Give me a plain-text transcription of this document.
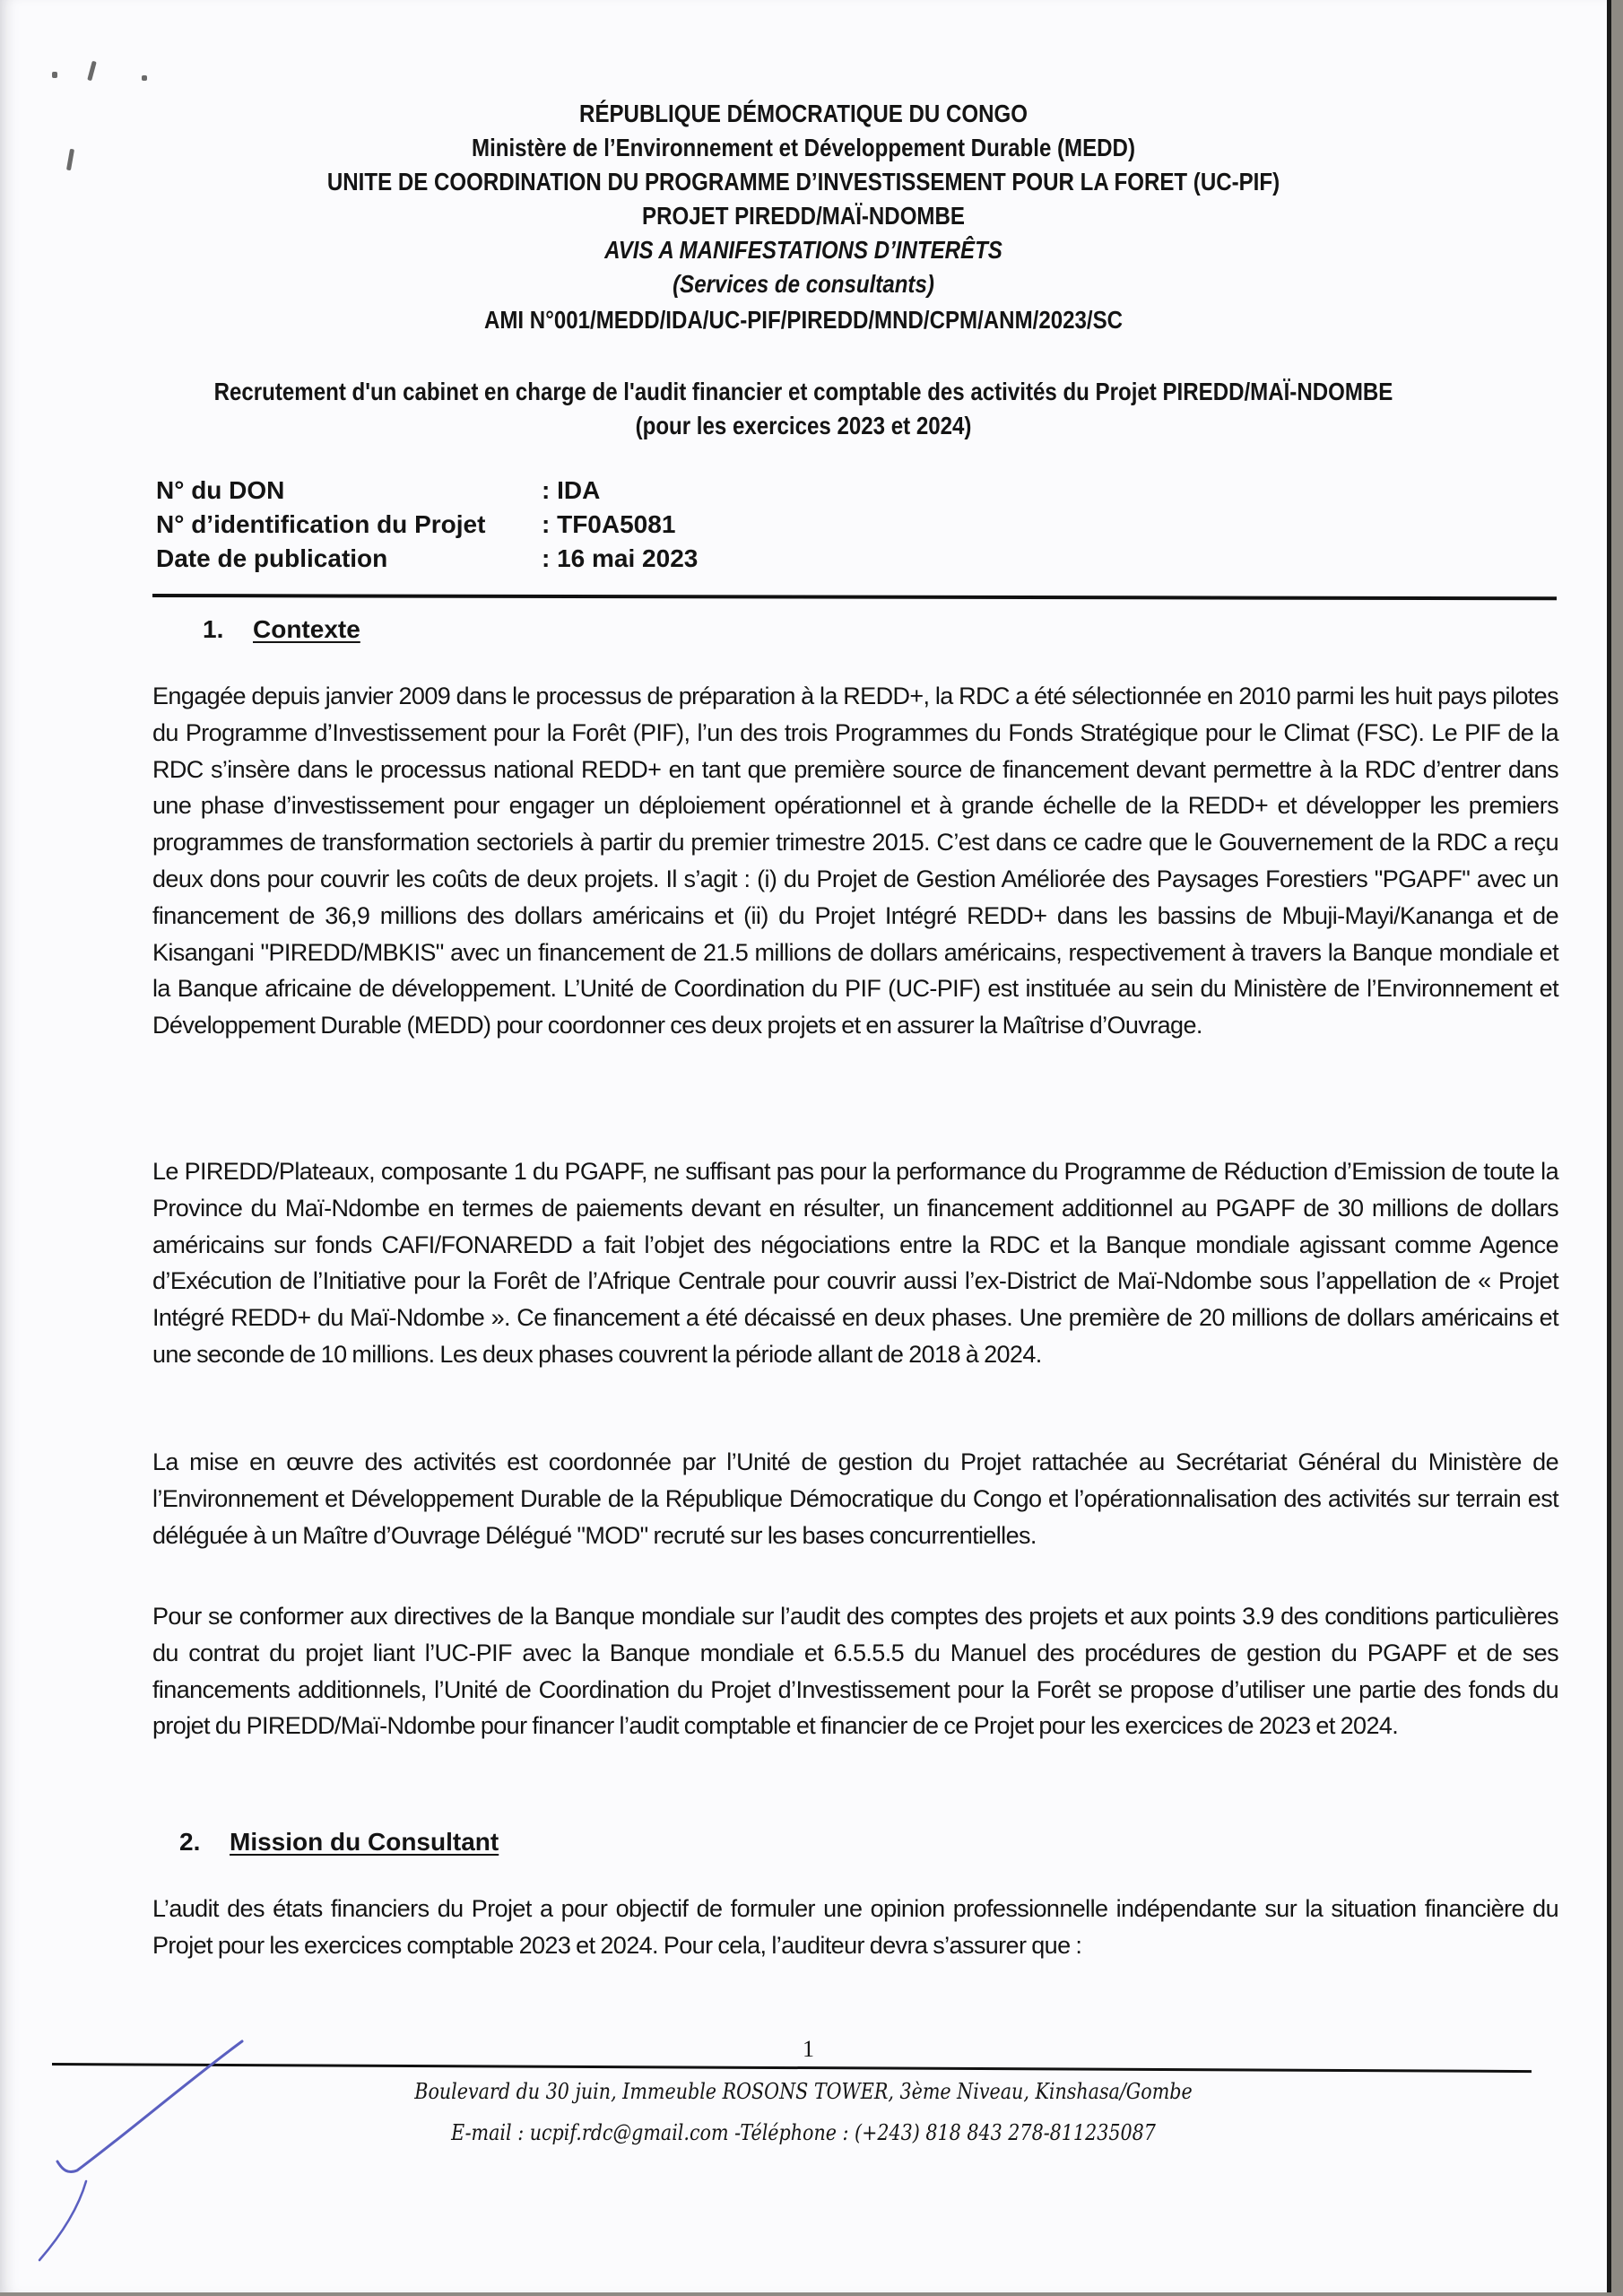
RÉPUBLIQUE DÉMOCRATIQUE DU CONGO
Ministère de l’Environnement et Développement Durable (MEDD)
UNITE DE COORDINATION DU PROGRAMME D’INVESTISSEMENT POUR LA FORET (UC-PIF)
PROJET PIREDD/MAÏ-NDOMBE
AVIS A MANIFESTATIONS D’INTERÊTS
(Services de consultants)
AMI N°001/MEDD/IDA/UC-PIF/PIREDD/MND/CPM/ANM/2023/SC
Recrutement d'un cabinet en charge de l'audit financier et comptable des activités du Projet PIREDD/MAÏ-NDOMBE
(pour les exercices 2023 et 2024)
N° du DON	: IDA
N° d’identification du Projet	: TF0A5081
Date de publication	: 16 mai 2023
1. Contexte

Engagée depuis janvier 2009 dans le processus de préparation à la REDD+, la RDC a été sélectionnée en 2010 parmi les huit pays pilotes du Programme d’Investissement pour la Forêt (PIF), l’un des trois Programmes du Fonds Stratégique pour le Climat (FSC). Le PIF de la RDC s’insère dans le processus national REDD+ en tant que première source de financement devant permettre à la RDC d’entrer dans une phase d’investissement pour engager un déploiement opérationnel et à grande échelle de la REDD+ et développer les premiers programmes de transformation sectoriels à partir du premier trimestre 2015. C’est dans ce cadre que le Gouvernement de la RDC a reçu deux dons pour couvrir les coûts de deux projets. Il s’agit : (i) du Projet de Gestion Améliorée des Paysages Forestiers "PGAPF" avec un financement de 36,9 millions des dollars américains et (ii) du Projet Intégré REDD+ dans les bassins de Mbuji-Mayi/Kananga et de Kisangani "PIREDD/MBKIS" avec un financement de 21.5 millions de dollars américains, respectivement à travers la Banque mondiale et la Banque africaine de développement. L’Unité de Coordination du PIF (UC-PIF) est instituée au sein du Ministère de l’Environnement et Développement Durable (MEDD) pour coordonner ces deux projets et en assurer la Maîtrise d’Ouvrage.

Le PIREDD/Plateaux, composante 1 du PGAPF, ne suffisant pas pour la performance du Programme de Réduction d’Emission de toute la Province du Maï-Ndombe en termes de paiements devant en résulter, un financement additionnel au PGAPF de 30 millions de dollars américains sur fonds CAFI/FONAREDD a fait l’objet des négociations entre la RDC et la Banque mondiale agissant comme Agence d’Exécution de l’Initiative pour la Forêt de l’Afrique Centrale pour couvrir aussi l’ex-District de Maï-Ndombe sous l’appellation de « Projet Intégré REDD+ du Maï-Ndombe ». Ce financement a été décaissé en deux phases. Une première de 20 millions de dollars américains et une seconde de 10 millions. Les deux phases couvrent la période allant de 2018 à 2024.

La mise en œuvre des activités est coordonnée par l’Unité de gestion du Projet rattachée au Secrétariat Général du Ministère de l’Environnement et Développement Durable de la République Démocratique du Congo et l’opérationnalisation des activités sur terrain est déléguée à un Maître d’Ouvrage Délégué "MOD" recruté sur les bases concurrentielles.

Pour se conformer aux directives de la Banque mondiale sur l’audit des comptes des projets et aux points 3.9 des conditions particulières du contrat du projet liant l’UC-PIF avec la Banque mondiale et 6.5.5.5 du Manuel des procédures de gestion du PGAPF et de ses financements additionnels, l’Unité de Coordination du Projet d’Investissement pour la Forêt se propose d’utiliser une partie des fonds du projet du PIREDD/Maï-Ndombe pour financer l’audit comptable et financier de ce Projet pour les exercices de 2023 et 2024.

2. Mission du Consultant

L’audit des états financiers du Projet a pour objectif de formuler une opinion professionnelle indépendante sur la situation financière du Projet pour les exercices comptable 2023 et 2024. Pour cela, l’auditeur devra s’assurer que :

1
Boulevard du 30 juin, Immeuble ROSONS TOWER, 3ème Niveau, Kinshasa/Gombe
E-mail : ucpif.rdc@gmail.com -Téléphone : (+243) 818 843 278-811235087
